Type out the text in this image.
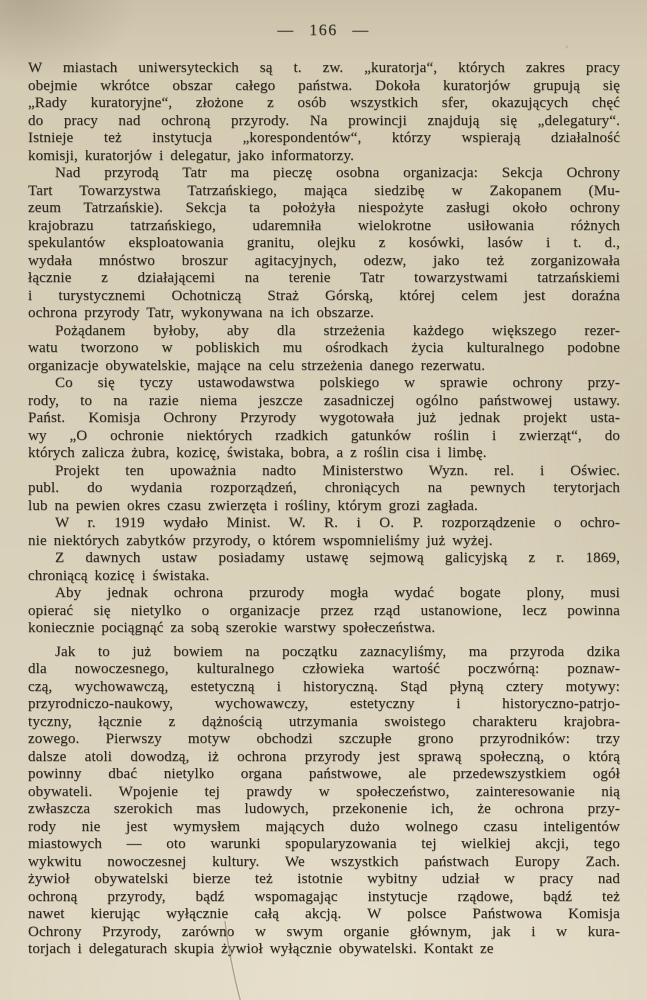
— 166 —
W miastach uniwersyteckich są t. zw. „kuratorja“, których zakres pracy
obejmie wkrótce obszar całego państwa. Dokoła kuratorjów grupują się
„Rady kuratoryjne“, złożone z osób wszystkich sfer, okazujących chęć
do pracy nad ochroną przyrody. Na prowincji znajdują się „delegatury“.
Istnieje też instytucja „korespondentów“, którzy wspierają działalność
komisji, kuratorjów i delegatur, jako informatorzy.
Nad przyrodą Tatr ma pieczę osobna organizacja: Sekcja Ochrony
Tart Towarzystwa Tatrzańskiego, mająca siedzibę w Zakopanem (Mu-
zeum Tatrzańskie). Sekcja ta położyła niespożyte zasługi około ochrony
krajobrazu tatrzańskiego, udaremniła wielokrotne usiłowania różnych
spekulantów eksploatowania granitu, olejku z kosówki, lasów i t. d.,
wydała mnóstwo broszur agitacyjnych, odezw, jako też zorganizowała
łącznie z działającemi na terenie Tatr towarzystwami tatrzańskiemi
i turystycznemi Ochotniczą Straż Górską, której celem jest doraźna
ochrona przyrody Tatr, wykonywana na ich obszarze.
Pożądanem byłoby, aby dla strzeżenia każdego większego rezer-
watu tworzono w pobliskich mu ośrodkach życia kulturalnego podobne
organizacje obywatelskie, mające na celu strzeżenia danego rezerwatu.
Co się tyczy ustawodawstwa polskiego w sprawie ochrony przy-
rody, to na razie niema jeszcze zasadniczej ogólno państwowej ustawy.
Państ. Komisja Ochrony Przyrody wygotowała już jednak projekt usta-
wy „O ochronie niektórych rzadkich gatunków roślin i zwierząt“, do
których zalicza żubra, kozicę, świstaka, bobra, a z roślin cisa i limbę.
Projekt ten upoważnia nadto Ministerstwo Wyzn. rel. i Oświec.
publ. do wydania rozporządzeń, chroniących na pewnych terytorjach
lub na pewien okres czasu zwierzęta i rośliny, którym grozi zagłada.
W r. 1919 wydało Minist. W. R. i O. P. rozporządzenie o ochro-
nie niektórych zabytków przyrody, o którem wspomnieliśmy już wyżej.
Z dawnych ustaw posiadamy ustawę sejmową galicyjską z r. 1869,
chroniącą kozicę i świstaka.
Aby jednak ochrona przurody mogła wydać bogate plony, musi
opierać się nietylko o organizacje przez rząd ustanowione, lecz powinna
koniecznie pociągnąć za sobą szerokie warstwy społeczeństwa.
Jak to już bowiem na początku zaznacyliśmy, ma przyroda dzika
dla nowoczesnego, kulturalnego człowieka wartość poczwórną: poznaw-
czą, wychowawczą, estetyczną i historyczną. Stąd płyną cztery motywy:
przyrodniczo-naukowy, wychowawczy, estetyczny i historyczno-patrjo-
tyczny, łącznie z dążnością utrzymania swoistego charakteru krajobra-
zowego. Pierwszy motyw obchodzi szczupłe grono przyrodników: trzy
dalsze atoli dowodzą, iż ochrona przyrody jest sprawą społeczną, o którą
powinny dbać nietylko organa państwowe, ale przedewszystkiem ogół
obywateli. Wpojenie tej prawdy w społeczeństwo, zainteresowanie nią
zwłaszcza szerokich mas ludowych, przekonenie ich, że ochrona przy-
rody nie jest wymysłem mających dużo wolnego czasu inteligentów
miastowych — oto warunki spopularyzowania tej wielkiej akcji, tego
wykwitu nowoczesnej kultury. We wszystkich państwach Europy Zach.
żywioł obywatelski bierze też istotnie wybitny udział w pracy nad
ochroną przyrody, bądź wspomagając instytucje rządowe, bądź też
nawet kierując wyłącznie całą akcją. W polsce Państwowa Komisja
Ochrony Przyrody, zarówno w swym organie głównym, jak i w kura-
torjach i delegaturach skupia żywioł wyłącznie obywatelski. Kontakt ze
